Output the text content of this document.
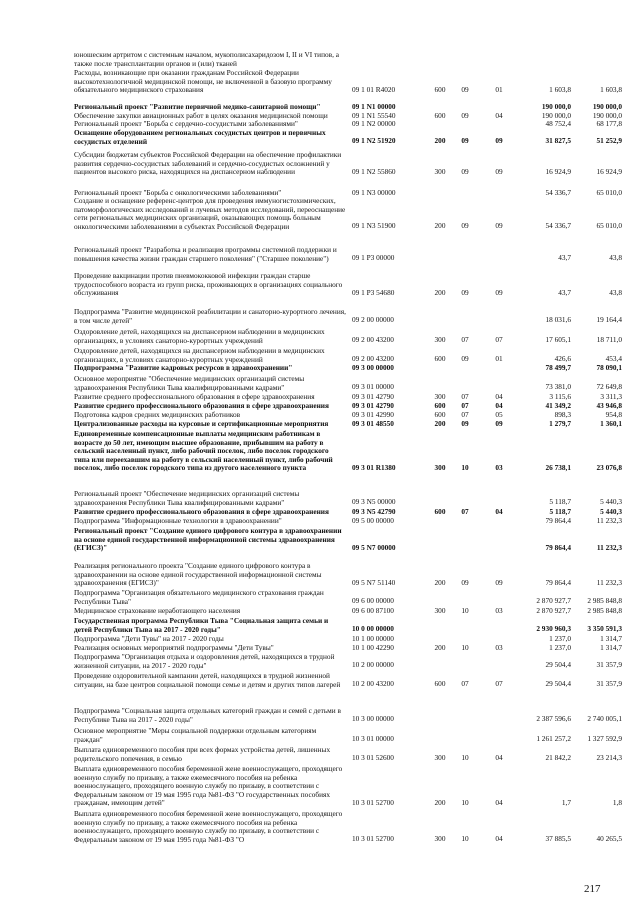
юношеским артритом с системным началом, мукополисахаридозом I, II и VI типов, а также после трансплантации органов и (или) тканей
Расходы, возникающие при оказании гражданам Российской Федерации высокотехнологичной медицинской помощи, не включенной в базовую программу обязательного медицинского страхования	09 1 01 R4020	600	09	01	1 603,8	1 603,8
Региональный проект "Развитие первичной медико-санитарной помощи"	09 1 N1 00000	190 000,0	190 000,0
Обеспечение закупки авиационных работ в целях оказания медицинской помощи	09 1 N1 55540	600	09	04	190 000,0	190 000,0
Региональный проект "Борьба с сердечно-сосудистыми заболеваниями"	09 1 N2 00000	48 752,4	68 177,8
Оснащение оборудованием региональных сосудистых центров и первичных сосудистых отделений	09 1 N2 51920	200	09	09	31 827,5	51 252,9
Субсидии бюджетам субъектов Российской Федерации на обеспечение профилактики развития сердечно-сосудистых заболеваний и сердечно-сосудистых осложнений у пациентов высокого риска, находящихся на диспансерном наблюдении	09 1 N2 55860	300	09	09	16 924,9	16 924,9
Региональный проект "Борьба с онкологическими заболеваниями"	09 1 N3 00000	54 336,7	65 010,0
Создание и оснащение референс-центров для проведения иммуногистохимических, патоморфологических исследований и лучевых методов исследований, переоснащение сети региональных медицинских организаций, оказывающих помощь больным онкологическими заболеваниями в субъектах Российской Федерации	09 1 N3 51900	200	09	09	54 336,7	65 010,0
Региональный проект "Разработка и реализация программы системной поддержки и повышения качества жизни граждан старшего поколения" ("Старшее поколение")	09 1 P3 00000	43,7	43,8
Проведение вакцинации против пневмококковой инфекции граждан старше трудоспособного возраста из групп риска, проживающих в организациях социального обслуживания	09 1 P3 54680	200	09	09	43,7	43,8
Подпрограмма "Развитие медицинской реабилитации и санаторно-курортного лечения, в том числе детей"	09 2 00 00000	18 031,6	19 164,4
Оздоровление детей, находящихся на диспансерном наблюдении в медицинских организациях, в условиях санаторно-курортных учреждений	09 2 00 43200	300	07	07	17 605,1	18 711,0
Оздоровление детей, находящихся на диспансерном наблюдении в медицинских организациях, в условиях санаторно-курортных учреждений	09 2 00 43200	600	09	01	426,6	453,4
Подпрограмма "Развитие кадровых ресурсов в здравоохранении"	09 3 00 00000	78 499,7	78 090,1
Основное мероприятие "Обеспечение медицинских организаций системы здравоохранения Республики Тыва квалифицированными кадрами"	09 3 01 00000	73 381,0	72 649,8
Развитие среднего профессионального образования в сфере здравоохранения	09 3 01 42790	300	07	04	3 115,6	3 311,3
Развитие среднего профессионального образования в сфере здравоохранения	09 3 01 42790	600	07	04	41 349,2	43 946,8
Подготовка кадров средних медицинских работников	09 3 01 42990	600	07	05	898,3	954,8
Централизованные расходы на курсовые и сертификационные мероприятия	09 3 01 48550	200	09	09	1 279,7	1 360,1
Единовременные компенсационные выплаты медицинским работникам в возрасте до 50 лет, имеющим высшее образование, прибывшим на работу в сельский населенный пункт, либо рабочий поселок, либо поселок городского типа или переехавшим на работу в сельский населенный пункт, либо рабочий поселок, либо поселок городского типа из другого населенного пункта	09 3 01 R1380	300	10	03	26 738,1	23 076,8
Региональный проект "Обеспечение медицинских организаций системы здравоохранения Республики Тыва квалифицированными кадрами"	09 3 N5 00000	5 118,7	5 440,3
Развитие среднего профессионального образования в сфере здравоохранения	09 3 N5 42790	600	07	04	5 118,7	5 440,3
Подпрограмма "Информационные технологии в здравоохранении"	09 5 00 00000	79 864,4	11 232,3
Региональный проект "Создание единого цифрового контура в здравоохранении на основе единой государственной информационной системы здравоохранения (ЕГИСЗ)"	09 5 N7 00000	79 864,4	11 232,3
Реализация регионального проекта "Создание единого цифрового контура в здравоохранении на основе единой государственной информационной системы здравоохранения (ЕГИСЗ)"	09 5 N7 51140	200	09	09	79 864,4	11 232,3
Подпрограмма "Организация обязательного медицинского страхования граждан Республики Тыва"	09 6 00 00000	2 870 927,7	2 985 848,8
Медицинское страхование неработающего населения	09 6 00 87100	300	10	03	2 870 927,7	2 985 848,8
Государственная программа Республики Тыва "Социальная защита семьи и детей Республики Тыва на 2017 - 2020 годы"	10 0 00 00000	2 930 960,3	3 350 591,3
Подпрограмма "Дети Тувы" на 2017 - 2020 годы	10 1 00 00000	1 237,0	1 314,7
Реализация основных мероприятий подпрограммы "Дети Тувы"	10 1 00 42290	200	10	03	1 237,0	1 314,7
Подпрограмма "Организация отдыха и оздоровления детей, находящихся в трудной жизненной ситуации, на 2017 - 2020 годы"	10 2 00 00000	29 504,4	31 357,9
Проведение оздоровительной кампании детей, находящихся в трудной жизненной ситуации, на базе центров социальной помощи семье и детям и других типов лагерей	10 2 00 43200	600	07	07	29 504,4	31 357,9
Подпрограмма "Социальная защита отдельных категорий граждан и семей с детьми в Республике Тыва на 2017 - 2020 годы"	10 3 00 00000	2 387 596,6	2 740 005,1
Основное мероприятие "Меры социальной поддержки отдельным категориям граждан"	10 3 01 00000	1 261 257,2	1 327 592,9
Выплата единовременного пособия при всех формах устройства детей, лишенных родительского попечения, в семью	10 3 01 52600	300	10	04	21 842,2	23 214,3
Выплата единовременного пособия беременной жене военнослужащего, проходящего военную службу по призыву, а также ежемесячного пособия на ребенка военнослужащего, проходящего военную службу по призыву, в соответствии с Федеральным законом от 19 мая 1995 года №81-ФЗ "О государственных пособиях гражданам, имеющим детей"	10 3 01 52700	200	10	04	1,7	1,8
Выплата единовременного пособия беременной жене военнослужащего, проходящего военную службу по призыву, а также ежемесячного пособия на ребенка военнослужащего, проходящего военную службу по призыву, в соответствии с Федеральным законом от 19 мая 1995 года №81-ФЗ "О	10 3 01 52700	300	10	04	37 885,5	40 265,5
217
